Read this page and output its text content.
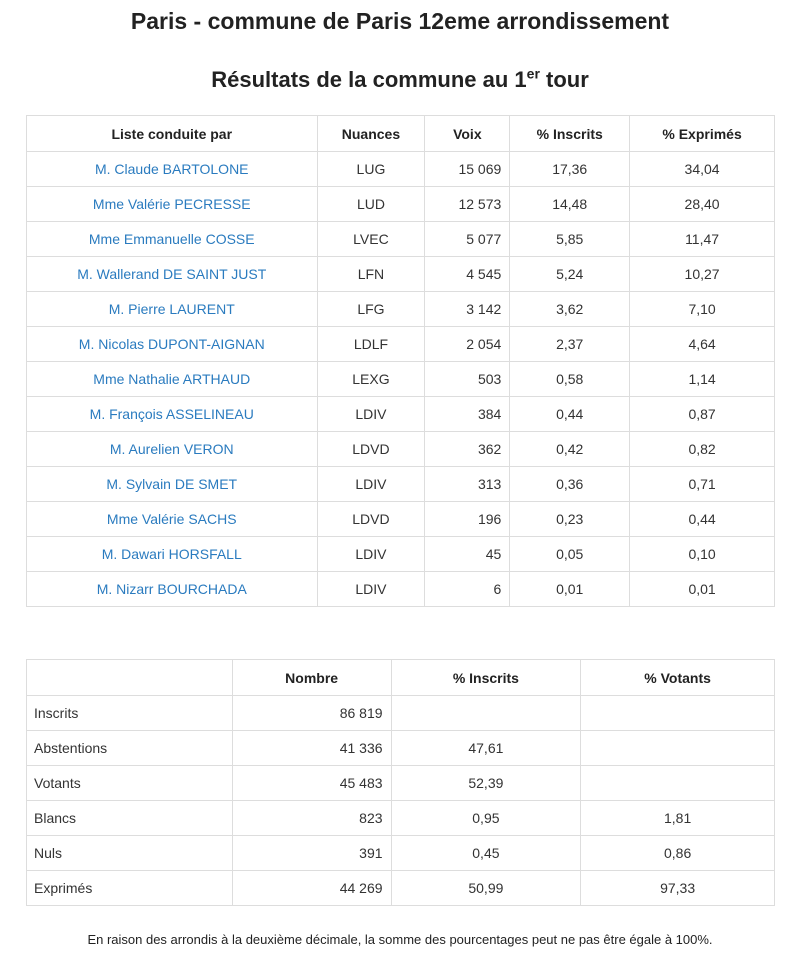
Paris - commune de Paris 12eme arrondissement
Résultats de la commune au 1er tour
Liste conduite par	Nuances	Voix	% Inscrits	% Exprimés
M. Claude BARTOLONE	LUG	15 069	17,36	34,04
Mme Valérie PECRESSE	LUD	12 573	14,48	28,40
Mme Emmanuelle COSSE	LVEC	5 077	5,85	11,47
M. Wallerand DE SAINT JUST	LFN	4 545	5,24	10,27
M. Pierre LAURENT	LFG	3 142	3,62	7,10
M. Nicolas DUPONT-AIGNAN	LDLF	2 054	2,37	4,64
Mme Nathalie ARTHAUD	LEXG	503	0,58	1,14
M. François ASSELINEAU	LDIV	384	0,44	0,87
M. Aurelien VERON	LDVD	362	0,42	0,82
M. Sylvain DE SMET	LDIV	313	0,36	0,71
Mme Valérie SACHS	LDVD	196	0,23	0,44
M. Dawari HORSFALL	LDIV	45	0,05	0,10
M. Nizarr BOURCHADA	LDIV	6	0,01	0,01
	Nombre	% Inscrits	% Votants
Inscrits	86 819		
Abstentions	41 336	47,61	
Votants	45 483	52,39	
Blancs	823	0,95	1,81
Nuls	391	0,45	0,86
Exprimés	44 269	50,99	97,33
En raison des arrondis à la deuxième décimale, la somme des pourcentages peut ne pas être égale à 100%.
